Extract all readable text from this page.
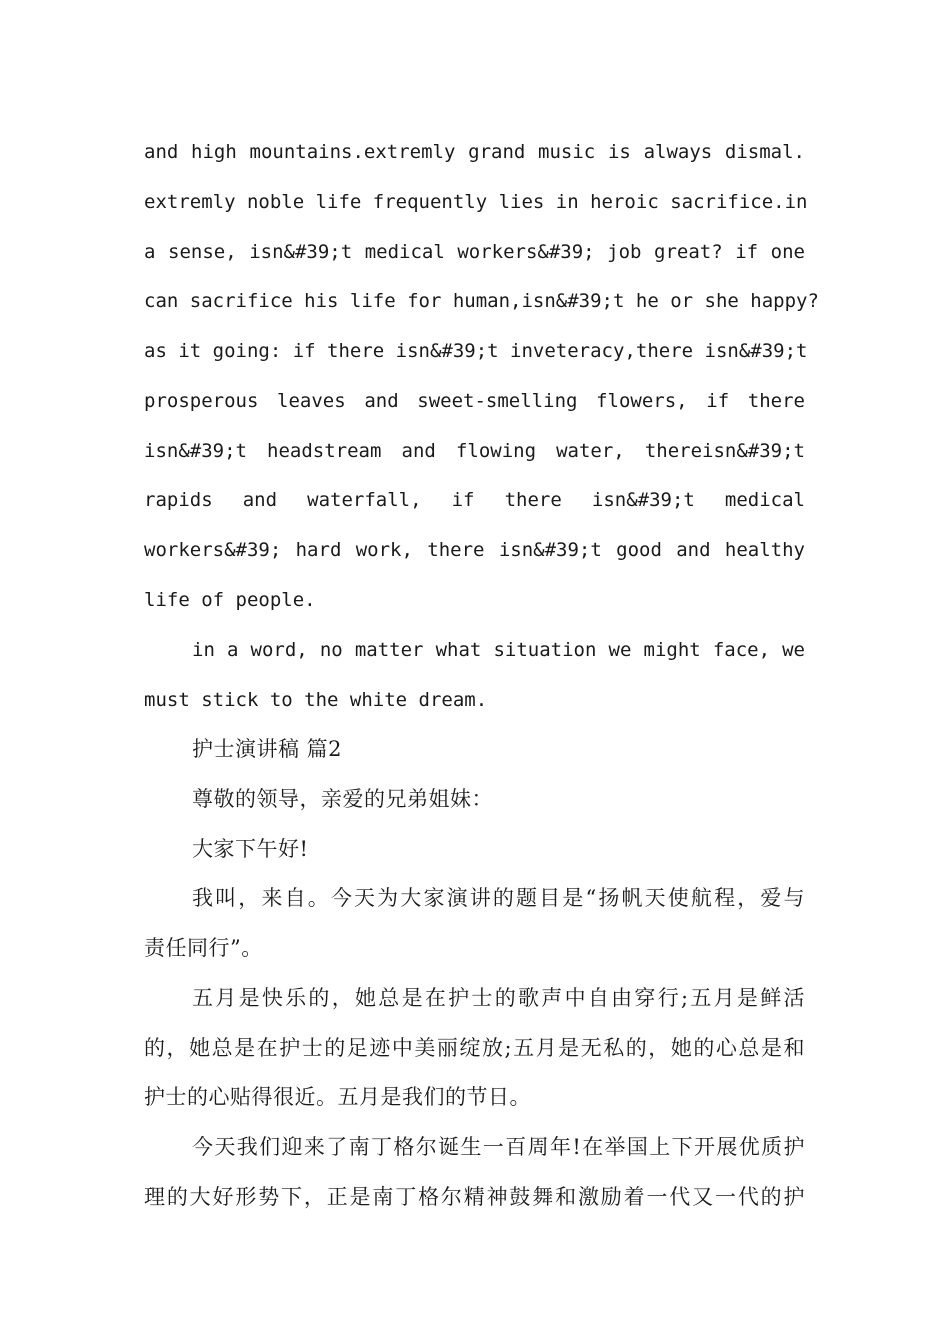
and high mountains.extremly grand music is always dismal.
extremly noble life frequently lies in heroic sacrifice.in
a sense, isn&#39;t medical workers&#39; job great? if one
can sacrifice his life for human,isn&#39;t he or she happy?
as it going: if there isn&#39;t inveteracy,there isn&#39;t
prosperous leaves and sweet-smelling flowers, if there
isn&#39;t headstream and flowing water, thereisn&#39;t
rapids and waterfall, if there isn&#39;t medical
workers&#39; hard work, there isn&#39;t good and healthy
life of people.
in a word, no matter what situation we might face, we
must stick to the white dream.
护士演讲稿 篇2
尊敬的领导，亲爱的兄弟姐妹：
大家下午好!
我叫，来自。今天为大家演讲的题目是“扬帆天使航程，爱与
责任同行”。
五月是快乐的，她总是在护士的歌声中自由穿行;五月是鲜活
的，她总是在护士的足迹中美丽绽放;五月是无私的，她的心总是和
护士的心贴得很近。五月是我们的节日。
今天我们迎来了南丁格尔诞生一百周年!在举国上下开展优质护
理的大好形势下，正是南丁格尔精神鼓舞和激励着一代又一代的护
